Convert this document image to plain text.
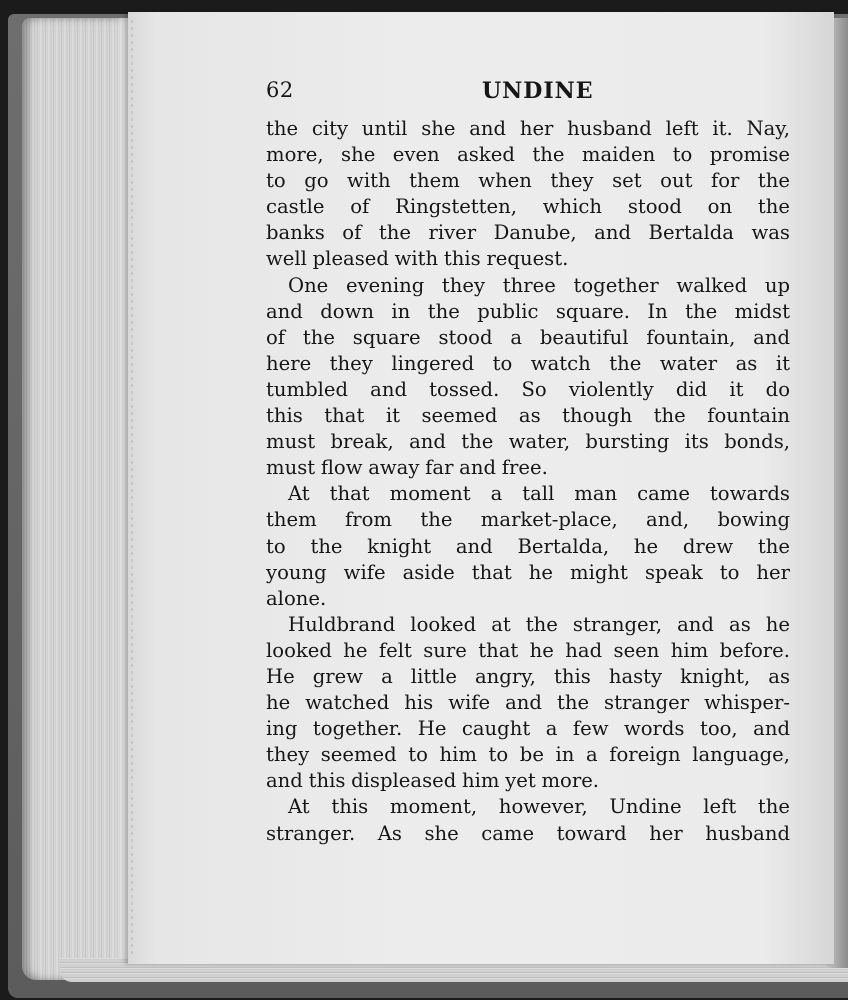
62	UNDINE
the city until she and her husband left it. Nay,
more, she even asked the maiden to promise
to go with them when they set out for the
castle of Ringstetten, which stood on the
banks of the river Danube, and Bertalda was
well pleased with this request.
One evening they three together walked up
and down in the public square. In the midst
of the square stood a beautiful fountain, and
here they lingered to watch the water as it
tumbled and tossed. So violently did it do
this that it seemed as though the fountain
must break, and the water, bursting its bonds,
must flow away far and free.
At that moment a tall man came towards
them from the market-place, and, bowing
to the knight and Bertalda, he drew the
young wife aside that he might speak to her
alone.
Huldbrand looked at the stranger, and as he
looked he felt sure that he had seen him before.
He grew a little angry, this hasty knight, as
he watched his wife and the stranger whisper-
ing together. He caught a few words too, and
they seemed to him to be in a foreign language,
and this displeased him yet more.
At this moment, however, Undine left the
stranger. As she came toward her husband
